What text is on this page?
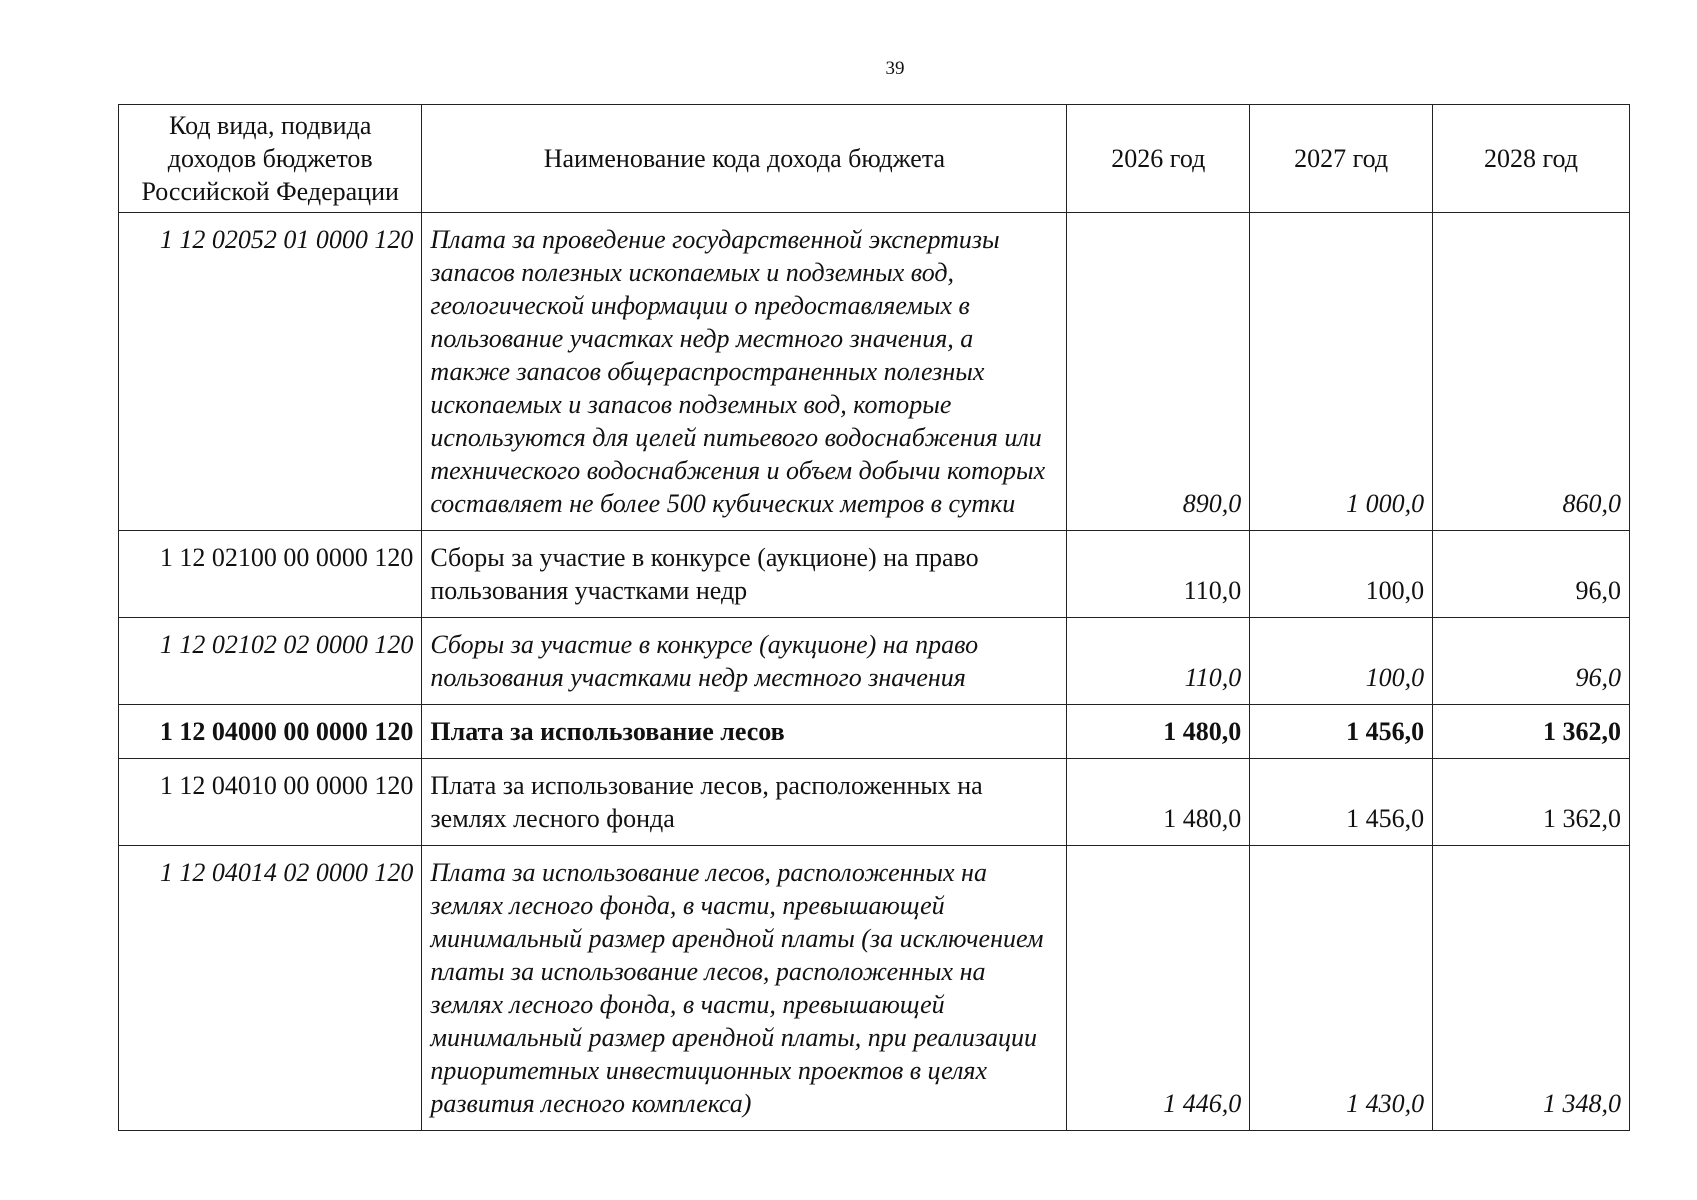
39
Код вида, подвида доходов бюджетов Российской Федерации	Наименование кода дохода бюджета	2026 год	2027 год	2028 год
1 12 02052 01 0000 120	Плата за проведение государственной экспертизы запасов полезных ископаемых и подземных вод, геологической информации о предоставляемых в пользование участках недр местного значения, а также запасов общераспространенных полезных ископаемых и запасов подземных вод, которые используются для целей питьевого водоснабжения или технического водоснабжения и объем добычи которых составляет не более 500 кубических метров в сутки	890,0	1 000,0	860,0
1 12 02100 00 0000 120	Сборы за участие в конкурсе (аукционе) на право пользования участками недр	110,0	100,0	96,0
1 12 02102 02 0000 120	Сборы за участие в конкурсе (аукционе) на право пользования участками недр местного значения	110,0	100,0	96,0
1 12 04000 00 0000 120	Плата за использование лесов	1 480,0	1 456,0	1 362,0
1 12 04010 00 0000 120	Плата за использование лесов, расположенных на землях лесного фонда	1 480,0	1 456,0	1 362,0
1 12 04014 02 0000 120	Плата за использование лесов, расположенных на землях лесного фонда, в части, превышающей минимальный размер арендной платы (за исключением платы за использование лесов, расположенных на землях лесного фонда, в части, превышающей минимальный размер арендной платы, при реализации приоритетных инвестиционных проектов в целях развития лесного комплекса)	1 446,0	1 430,0	1 348,0
